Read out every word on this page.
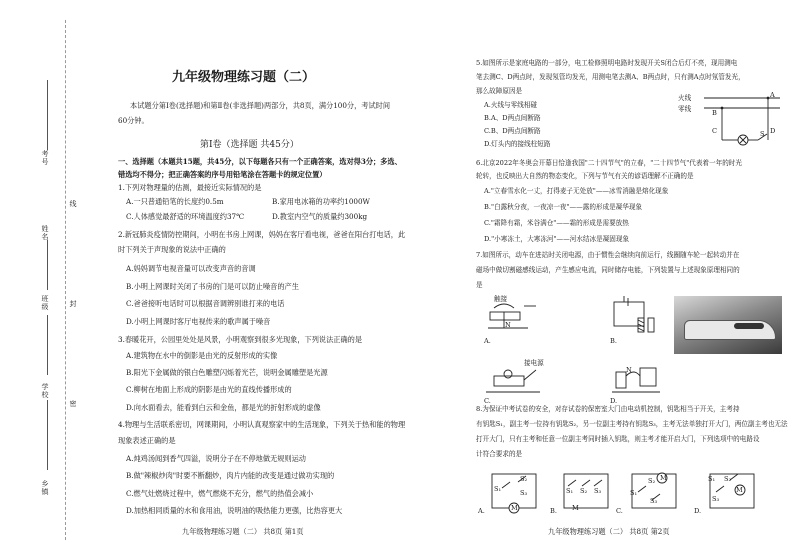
考号
姓名
班级
学校
乡镇
线
封
密
九年级物理练习题（二）
本试题分第Ⅰ卷(选择题)和第Ⅱ卷(非选择题)两部分，共8页，满分100分，考试时间
60分钟。
第Ⅰ卷（选择题 共45分）
一、选择题（本题共15题，共45分，以下每题各只有一个正确答案，选对得3分；多选、
错选均不得分；把正确答案的序号用铅笔涂在答题卡的规定位置）
1.下列对物理量的估测，最接近实际情况的是
A.一只普通铅笔的长度约0.5m	B.家用电冰箱的功率约1000W
C.人体感觉最舒适的环境温度约37℃	D.教室内空气的质量约300kg
2.新冠肺炎疫情防控期间，小明在书房上网课，妈妈在客厅看电视，爸爸在阳台打电话，此
时下列关于声现象的说法中正确的
A.妈妈调节电视音量可以改变声音的音调
B.小明上网课时关闭了书房的门是可以防止噪音的产生
C.爸爸接听电话时可以根据音调辨别谁打来的电话
D.小明上网课时客厅电视传来的歌声属于噪音
3.春暖花开，公园里处处是风景，小明观察到很多光现象，下列说法正确的是
A.建筑物在水中的倒影是由光的反射形成的实像
B.阳光下金属做的银白色雕塑闪烁着光芒，说明金属雕塑是光源
C.柳树在地面上形成的阴影是由光的直线传播形成的
D.向水面看去，能看到白云和金鱼，都是光的折射形成的虚像
4.物理与生活联系密切，网课期间，小明认真观察家中的生活现象，下列关于热和能的物理
现象表述正确的是
A.炖鸡汤闻到香气四溢，说明分子在不停地做无规则运动
B.做"辣椒炒肉"时要不断翻炒，肉片内能的改变是通过做功实现的
C.燃气灶燃烧过程中，燃气燃烧不充分，燃气的热值会减小
D.加热相同质量的水和食用油，说明油的吸热能力更强，比热容更大
九年级物理练习题（二） 共8页 第1页
5.如图所示是家庭电路的一部分，电工检修照明电路时发现开关S闭合后灯不亮，现用测电
笔去测C、D两点时，发现氖管均发光，用测电笔去测A、B两点时，只有测A点时氖管发光，
那么故障原因是
A.火线与零线相碰
B.A、D两点间断路
C.B、D两点间断路
D.灯头内的接线柱短路
火线
零线
A
B
C	D
S
6.北京2022年冬奥会开幕日恰逢我国"二十四节气"的立春，"二十四节气"代表着一年的时光
轮转，也反映出大自然的物态变化，下列与节气有关的谚语理解不正确的是
A."立春雪水化一丈，打得麦子无处放"——冰雪消融是熔化现象
B."白露秋分夜，一夜凉一夜"——露的形成是凝华现象
C."霜降有霜，米谷满仓"——霜的形成是需要放热
D."小寒冻土，大寒冻河"——河水结冰是凝固现象
7.如图所示，动车在进站时关闭电源，由于惯性会继续向前运行，线圈随车轮一起转动并在
磁场中做切割磁感线运动，产生感应电流，同时储存电能，下列装置与上述现象原理相同的
是
触接
N
A.	B.
接电源
C.
N
D.
8.为保证中考试卷的安全，对存试卷的保密室大门由电动机控制，钥匙相当于开关，主考持
有钥匙S₁，副主考一位持有钥匙S₂，另一位副主考持有钥匙S₃，主考无法单独打开大门，两位副主考也无法
打开大门，只有主考和任意一位副主考同时插入钥匙，则主考才能开启大门，下列选项中的电路设
计符合要求的是
M
S₁
S₂
S₃
A.	M
S₁ S₂ S₃
B.
M
S₁
S₂
S₃
C.
M
S₁ S₂
S₃
D.
九年级物理练习题（二） 共8页 第2页
